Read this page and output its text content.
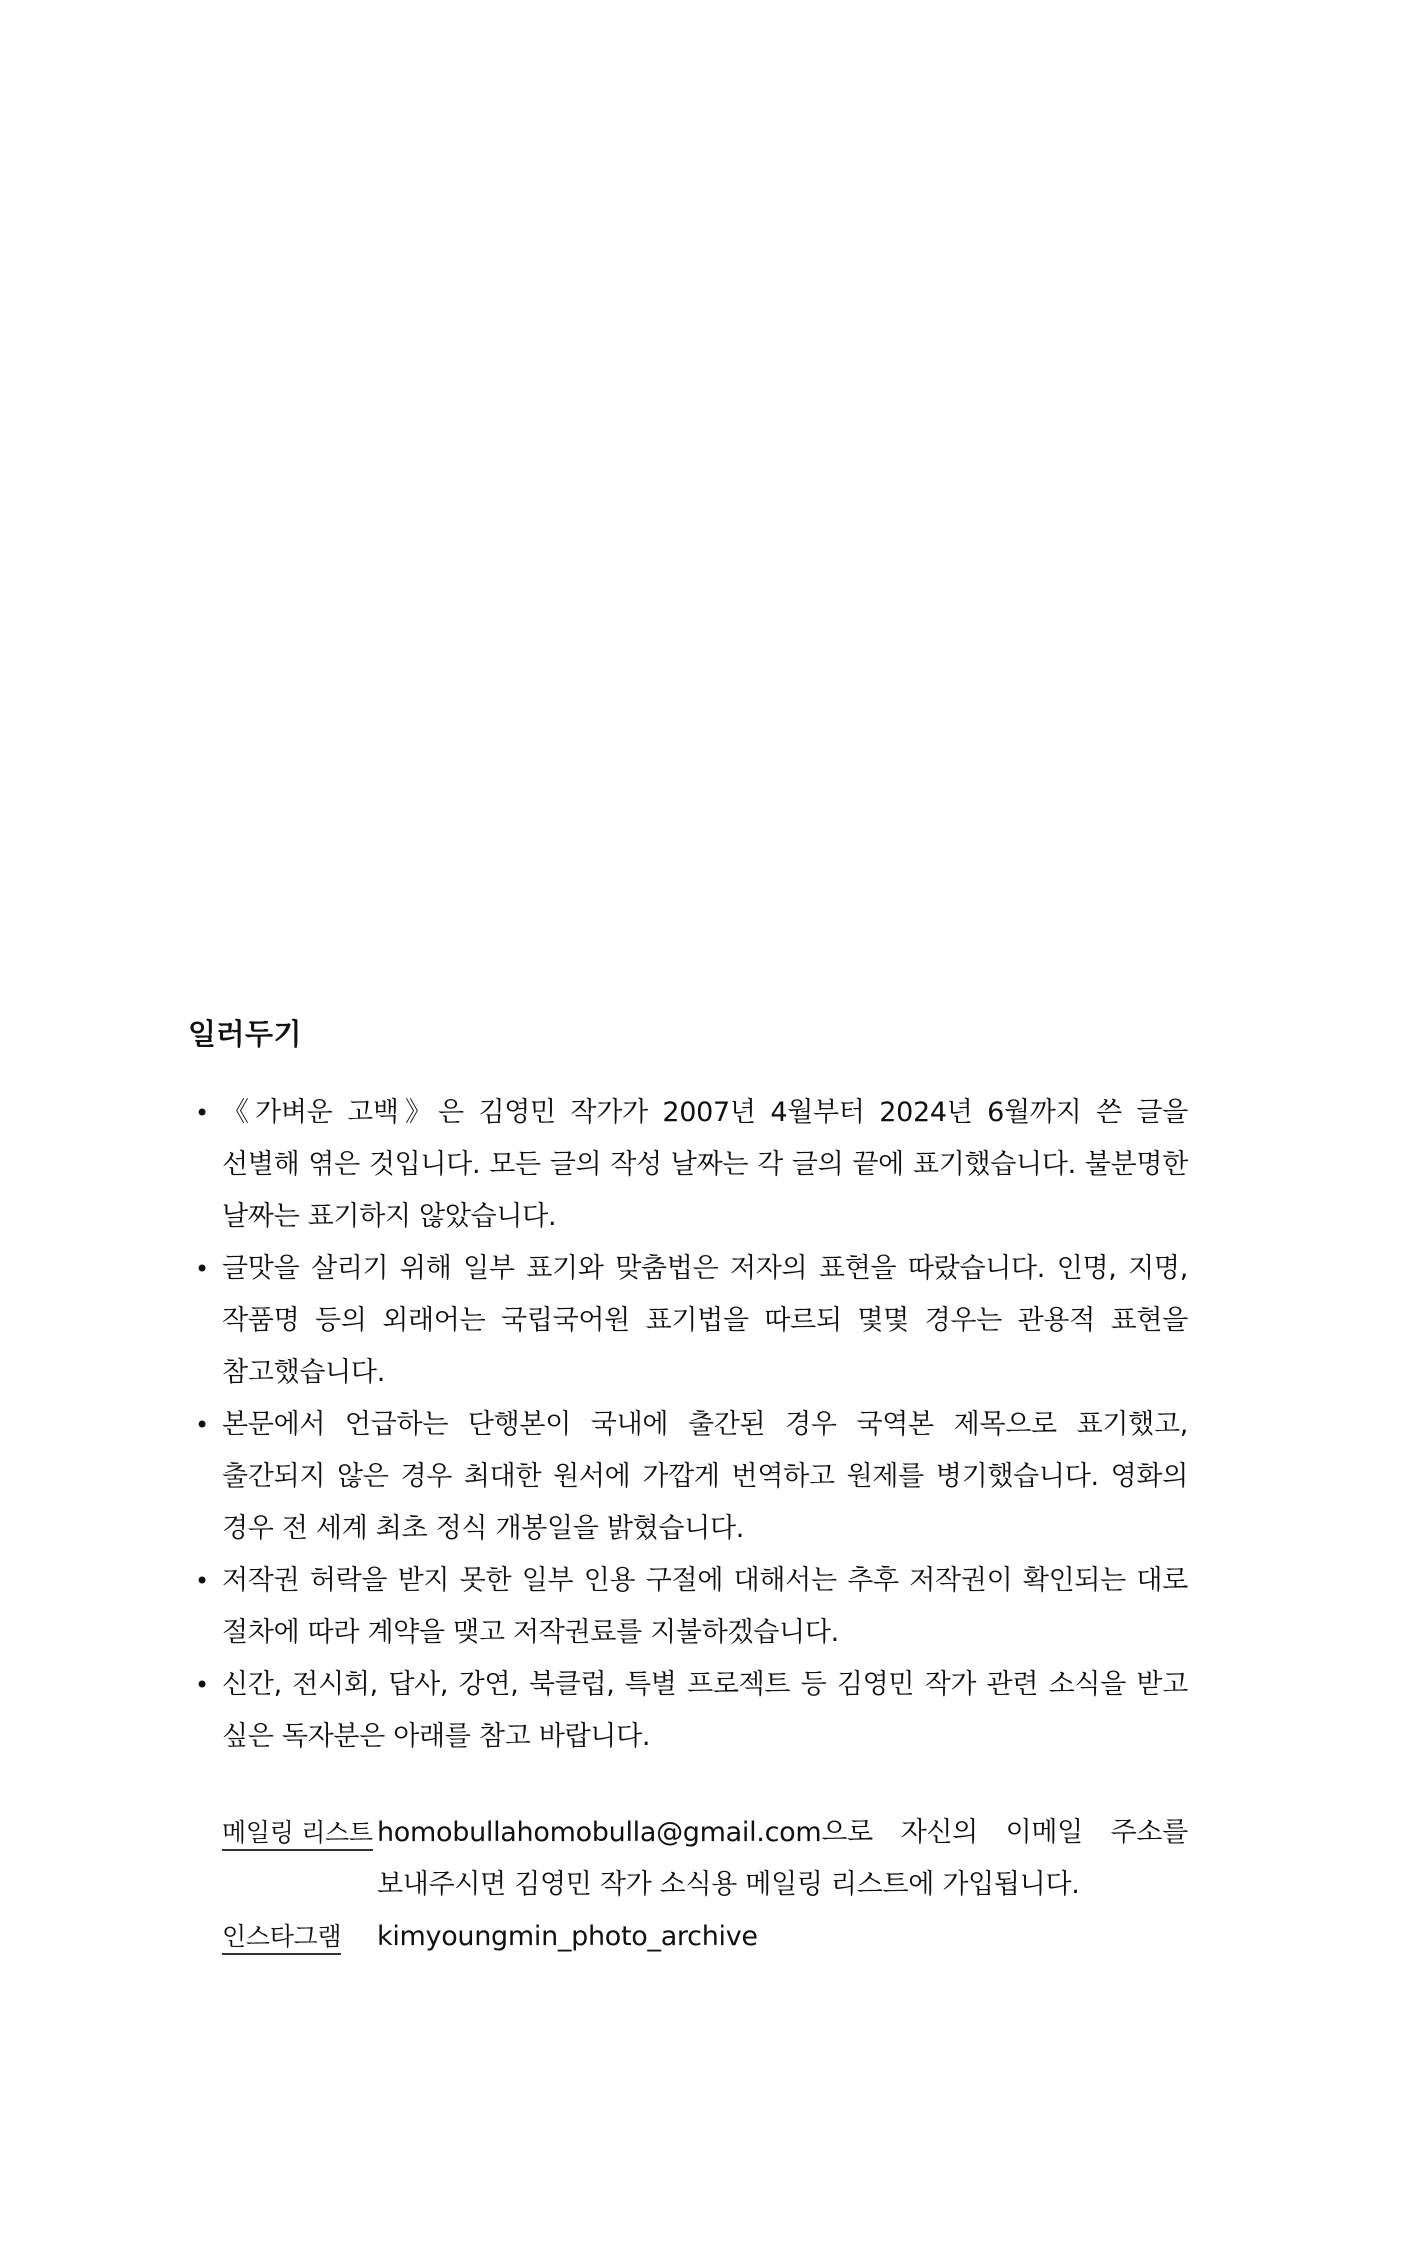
일러두기
• 《가벼운 고백》은 김영민 작가가 2007년 4월부터 2024년 6월까지 쓴 글을 선별해 엮은 것입니다. 모든 글의 작성 날짜는 각 글의 끝에 표기했습니다. 불분명한 날짜는 표기하지 않았습니다.
• 글맛을 살리기 위해 일부 표기와 맞춤법은 저자의 표현을 따랐습니다. 인명, 지명, 작품명 등의 외래어는 국립국어원 표기법을 따르되 몇몇 경우는 관용적 표현을 참고했습니다.
• 본문에서 언급하는 단행본이 국내에 출간된 경우 국역본 제목으로 표기했고, 출간되지 않은 경우 최대한 원서에 가깝게 번역하고 원제를 병기했습니다. 영화의 경우 전 세계 최초 정식 개봉일을 밝혔습니다.
• 저작권 허락을 받지 못한 일부 인용 구절에 대해서는 추후 저작권이 확인되는 대로 절차에 따라 계약을 맺고 저작권료를 지불하겠습니다.
• 신간, 전시회, 답사, 강연, 북클럽, 특별 프로젝트 등 김영민 작가 관련 소식을 받고 싶은 독자분은 아래를 참고 바랍니다.
메일링 리스트 homobullahomobulla@gmail.com으로 자신의 이메일 주소를 보내주시면 김영민 작가 소식용 메일링 리스트에 가입됩니다.
인스타그램	kimyoungmin_photo_archive
